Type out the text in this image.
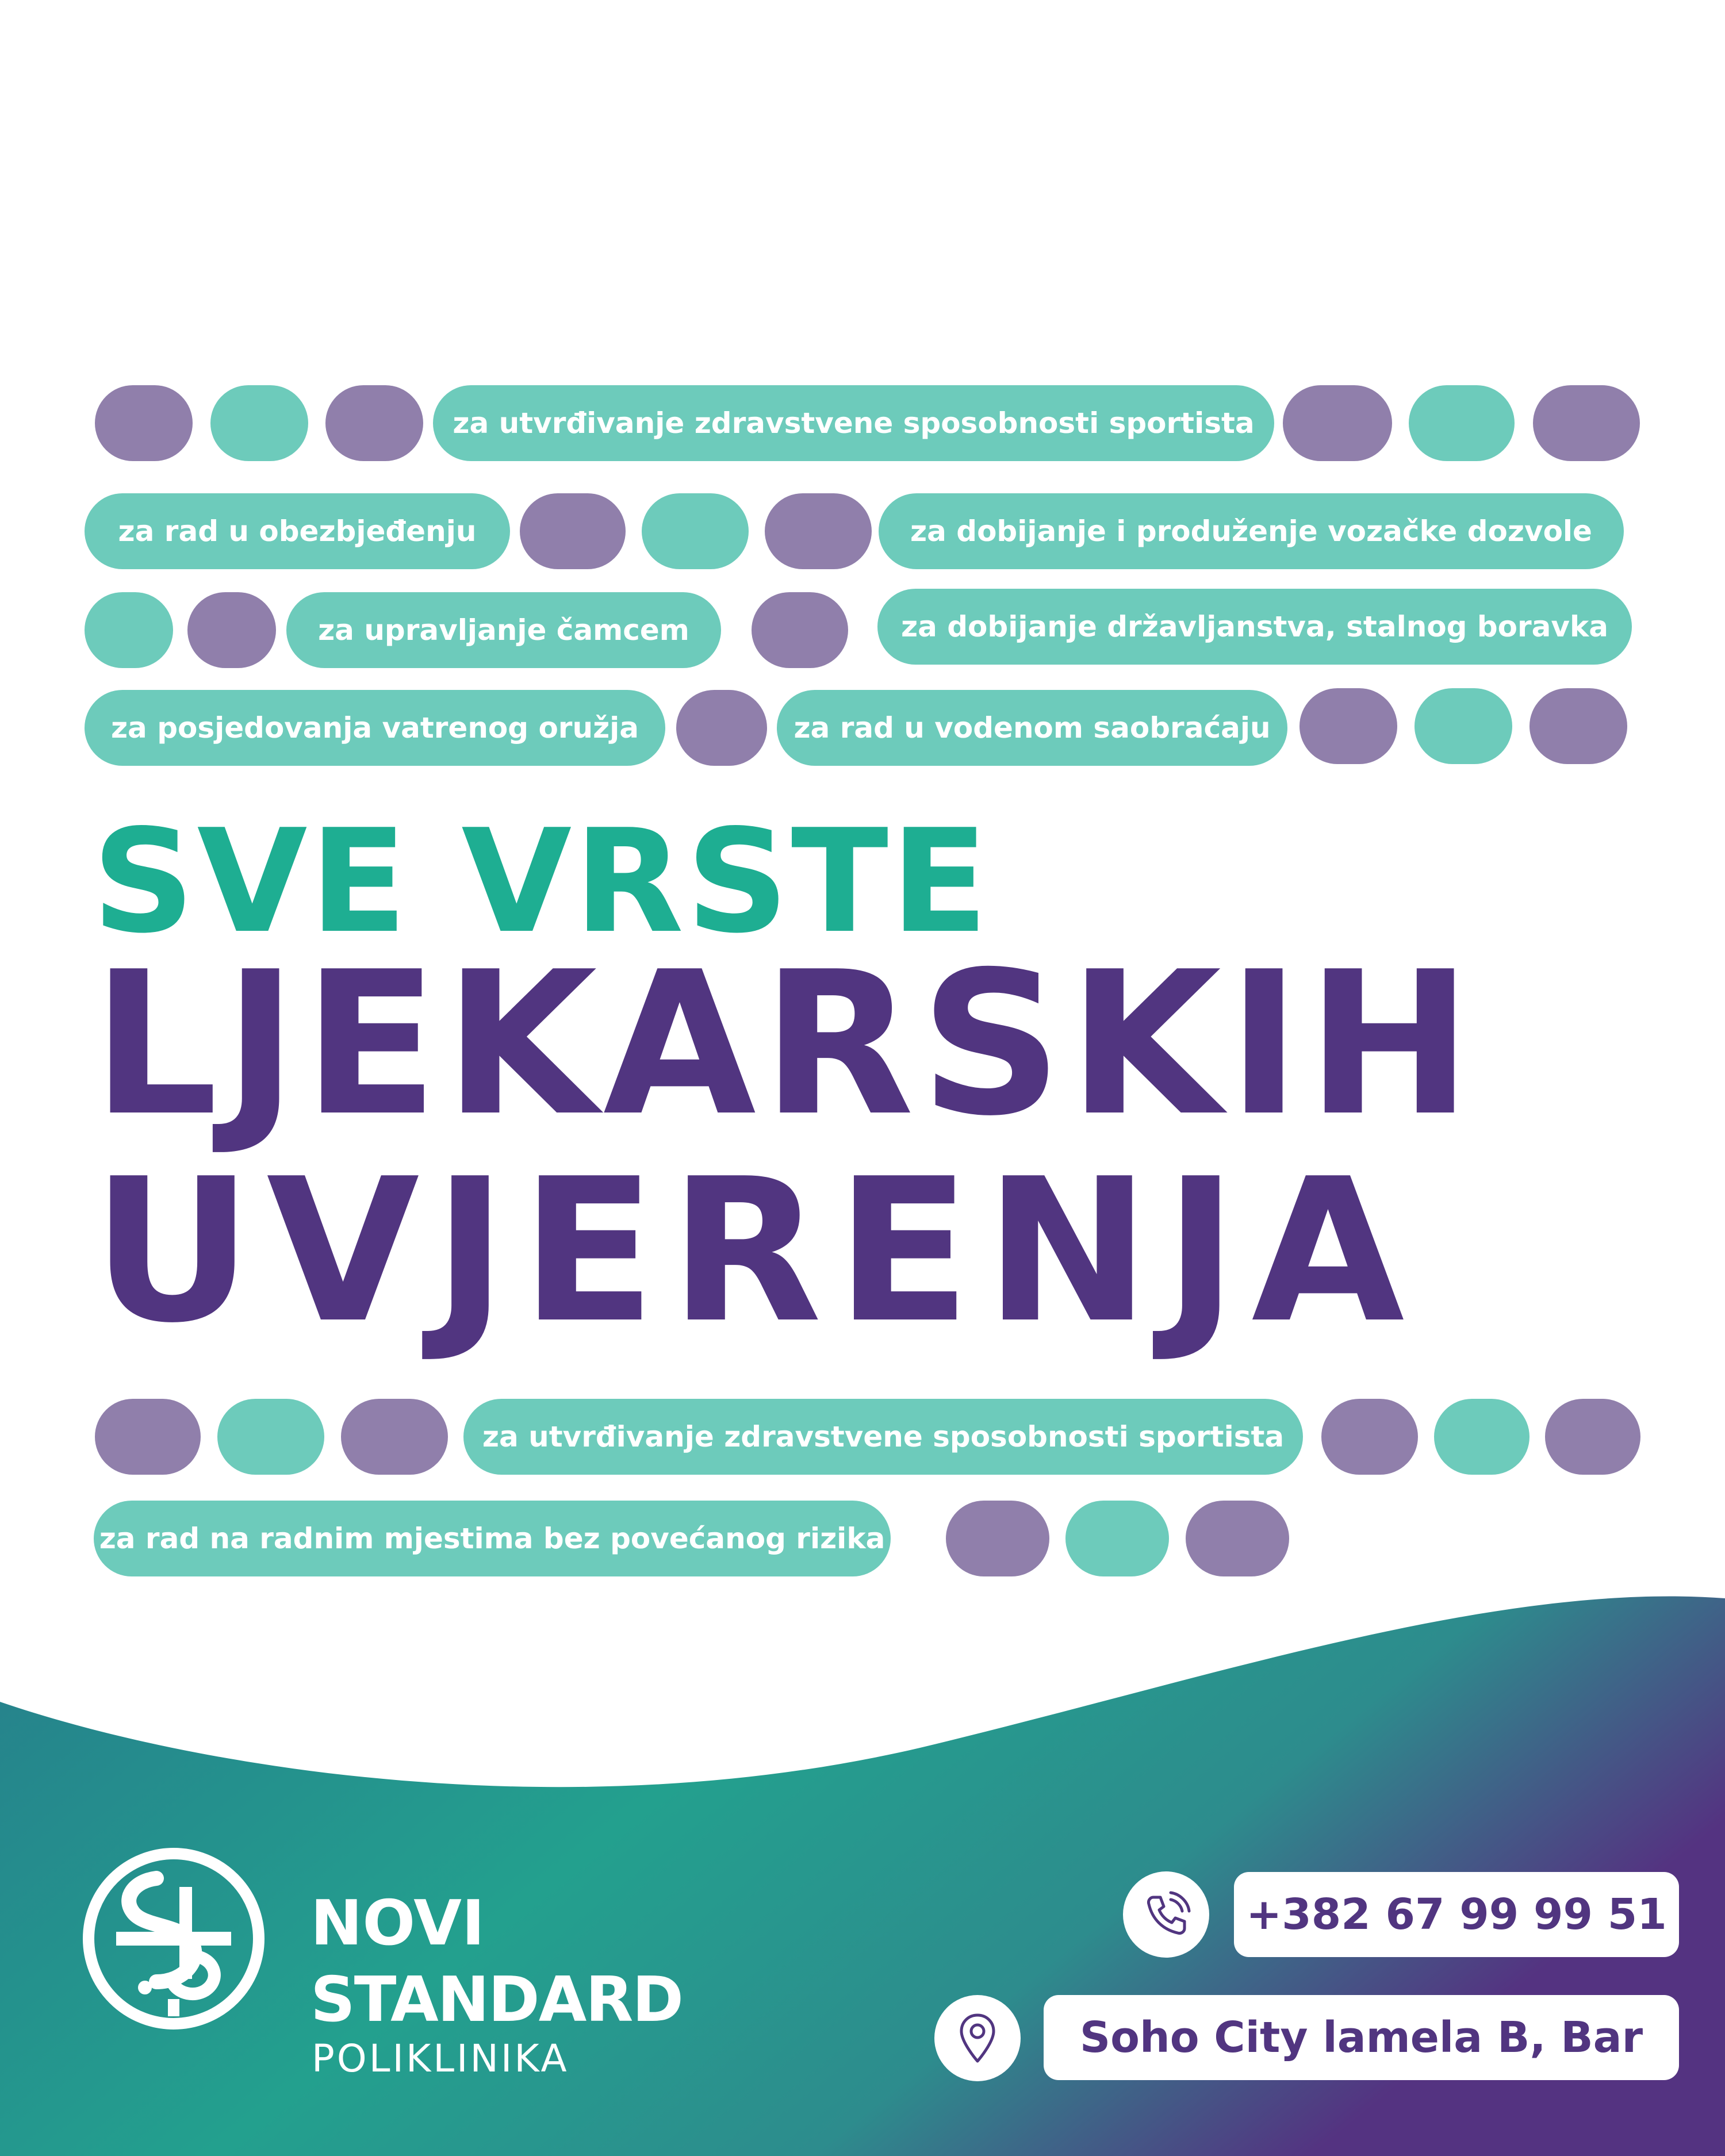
za utvrđivanje zdravstvene sposobnosti sportista
za rad u obezbjeđenju	za dobijanje i produženje vozačke dozvole
za upravljanje čamcem	za dobijanje državljanstva, stalnog boravka
za posjedovanja vatrenog oružja	za rad u vodenom saobraćaju
SVE VRSTE
LJEKARSKIH
UVJERENJA
za utvrđivanje zdravstvene sposobnosti sportista
za rad na radnim mjestima bez povećanog rizika
NOVI
STANDARD
POLIKLINIKA
+382 67 99 99 51
Soho City lamela B, Bar
